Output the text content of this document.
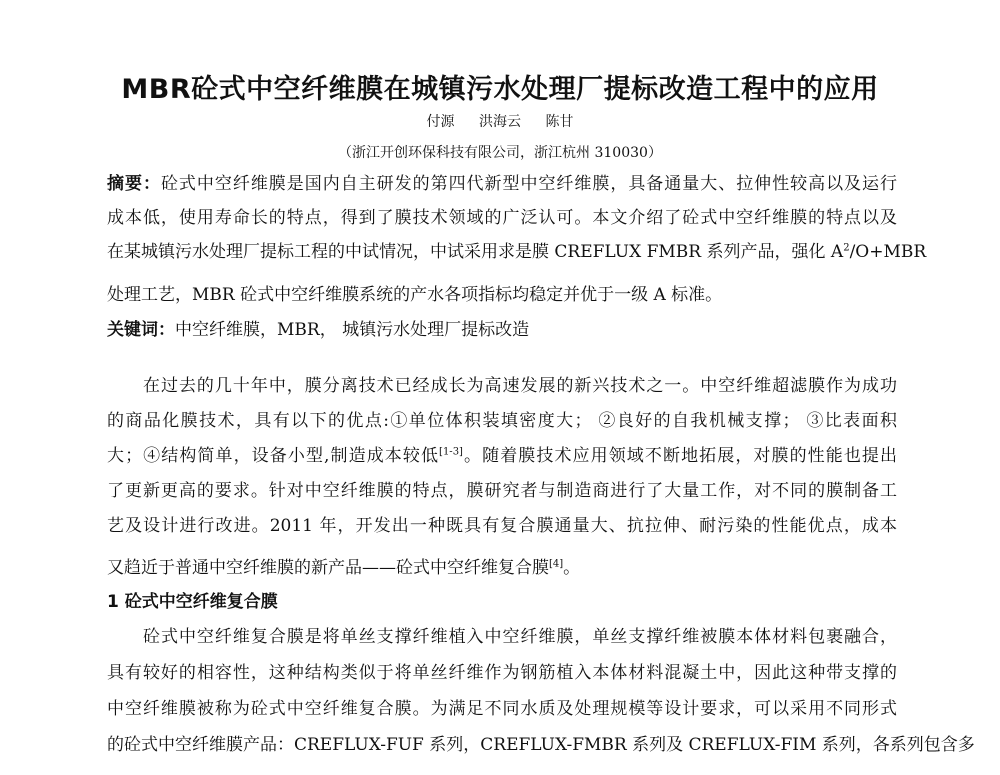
MBR砼式中空纤维膜在城镇污水处理厂提标改造工程中的应用
付源 洪海云 陈甘
（浙江开创环保科技有限公司，浙江杭州 310030）
摘要：砼式中空纤维膜是国内自主研发的第四代新型中空纤维膜，具备通量大、拉伸性较高以及运行
成本低，使用寿命长的特点，得到了膜技术领域的广泛认可。本文介绍了砼式中空纤维膜的特点以及
在某城镇污水处理厂提标工程的中试情况，中试采用求是膜 CREFLUX FMBR 系列产品，强化 $A^2/O+MBR$
处理工艺，MBR 砼式中空纤维膜系统的产水各项指标均稳定并优于一级 A 标准。
关键词：中空纤维膜，MBR， 城镇污水处理厂提标改造
在过去的几十年中，膜分离技术已经成长为高速发展的新兴技术之一。中空纤维超滤膜作为成功
的商品化膜技术，具有以下的优点:①单位体积装填密度大； ②良好的自我机械支撑； ③比表面积
大；④结构简单，设备小型,制造成本较低[1-3]。随着膜技术应用领域不断地拓展，对膜的性能也提出
了更新更高的要求。针对中空纤维膜的特点，膜研究者与制造商进行了大量工作，对不同的膜制备工
艺及设计进行改进。2011 年，开发出一种既具有复合膜通量大、抗拉伸、耐污染的性能优点，成本
又趋近于普通中空纤维膜的新产品——砼式中空纤维复合膜[4]。
1 砼式中空纤维复合膜
砼式中空纤维复合膜是将单丝支撑纤维植入中空纤维膜，单丝支撑纤维被膜本体材料包裹融合，
具有较好的相容性，这种结构类似于将单丝纤维作为钢筋植入本体材料混凝土中，因此这种带支撑的
中空纤维膜被称为砼式中空纤维复合膜。为满足不同水质及处理规模等设计要求，可以采用不同形式
的砼式中空纤维膜产品：CREFLUX-FUF 系列，CREFLUX-FMBR 系列及 CREFLUX-FIM 系列，各系列包含多
